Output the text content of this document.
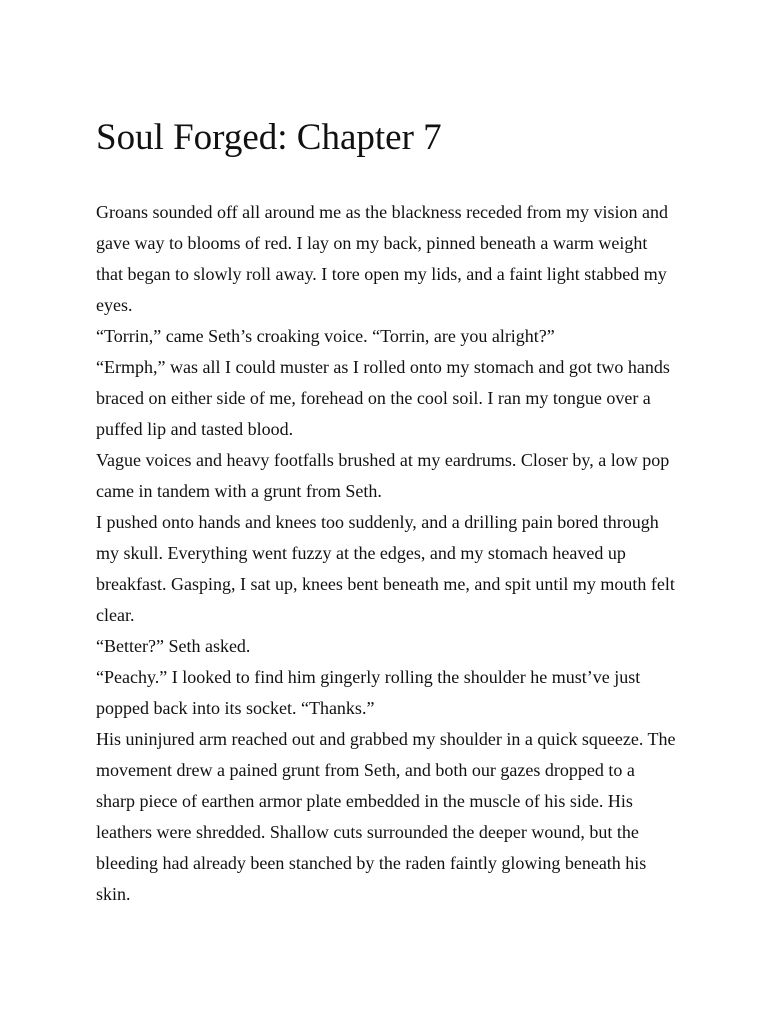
Soul Forged: Chapter 7

Groans sounded off all around me as the blackness receded from my vision and gave way to blooms of red. I lay on my back, pinned beneath a warm weight that began to slowly roll away. I tore open my lids, and a faint light stabbed my eyes.

“Torrin,” came Seth’s croaking voice. “Torrin, are you alright?”

“Ermph,” was all I could muster as I rolled onto my stomach and got two hands braced on either side of me, forehead on the cool soil. I ran my tongue over a puffed lip and tasted blood.

Vague voices and heavy footfalls brushed at my eardrums. Closer by, a low pop came in tandem with a grunt from Seth.

I pushed onto hands and knees too suddenly, and a drilling pain bored through my skull. Everything went fuzzy at the edges, and my stomach heaved up breakfast. Gasping, I sat up, knees bent beneath me, and spit until my mouth felt clear.

“Better?” Seth asked.

“Peachy.” I looked to find him gingerly rolling the shoulder he must’ve just popped back into its socket. “Thanks.”

His uninjured arm reached out and grabbed my shoulder in a quick squeeze. The movement drew a pained grunt from Seth, and both our gazes dropped to a sharp piece of earthen armor plate embedded in the muscle of his side. His leathers were shredded. Shallow cuts surrounded the deeper wound, but the bleeding had already been stanched by the raden faintly glowing beneath his skin.
